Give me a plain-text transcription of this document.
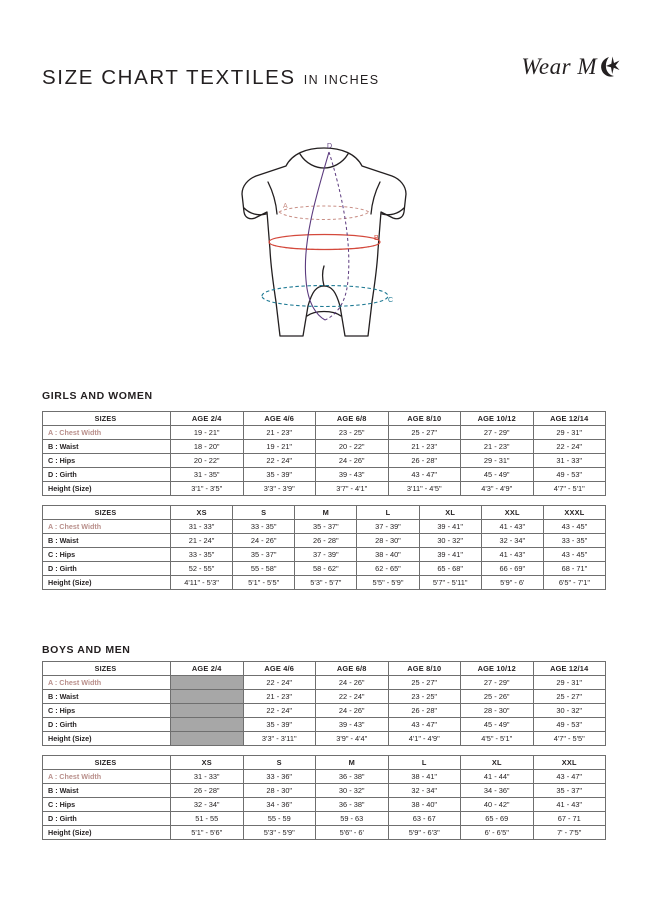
SIZE CHART TEXTILES IN INCHES
Wear M
A
B
C
D
GIRLS AND WOMEN
SIZES	AGE 2/4	AGE 4/6	AGE 6/8	AGE 8/10	AGE 10/12	AGE 12/14
A : Chest Width	19 - 21"	21 - 23"	23 - 25"	25 - 27"	27 - 29"	29 - 31"
B : Waist	18 - 20"	19 - 21"	20 - 22"	21 - 23"	21 - 23"	22 - 24"
C : Hips	20 - 22"	22 - 24"	24 - 26"	26 - 28"	29 - 31"	31 - 33"
D : Girth	31 - 35"	35 - 39"	39 - 43"	43 - 47"	45 - 49"	49 - 53"
Height (Size)	3'1" - 3'5"	3'3" - 3'9"	3'7" - 4'1"	3'11" - 4'5"	4'3" - 4'9"	4'7" - 5'1"
SIZES	XS	S	M	L	XL	XXL	XXXL
A : Chest Width	31 - 33"	33 - 35"	35 - 37"	37 - 39"	39 - 41"	41 - 43"	43 - 45"
B : Waist	21 - 24"	24 - 26"	26 - 28"	28 - 30"	30 - 32"	32 - 34"	33 - 35"
C : Hips	33 - 35"	35 - 37"	37 - 39"	38 - 40"	39 - 41"	41 - 43"	43 - 45"
D : Girth	52 - 55"	55 - 58"	58 - 62"	62 - 65"	65 - 68"	66 - 69"	68 - 71"
Height (Size)	4'11" - 5'3"	5'1" - 5'5"	5'3" - 5'7"	5'5" - 5'9"	5'7" - 5'11"	5'9" - 6'	6'5" - 7'1"
BOYS AND MEN
SIZES	AGE 2/4	AGE 4/6	AGE 6/8	AGE 8/10	AGE 10/12	AGE 12/14
A : Chest Width		22 - 24"	24 - 26"	25 - 27"	27 - 29"	29 - 31"
B : Waist		21 - 23"	22 - 24"	23 - 25"	25 - 26"	25 - 27"
C : Hips		22 - 24"	24 - 26"	26 - 28"	28 - 30"	30 - 32"
D : Girth		35 - 39"	39 - 43"	43 - 47"	45 - 49"	49 - 53"
Height (Size)		3'3" - 3'11"	3'9" - 4'4"	4'1" - 4'9"	4'5" - 5'1"	4'7" - 5'5"
SIZES	XS	S	M	L	XL	XXL
A : Chest Width	31 - 33"	33 - 36"	36 - 38"	38 - 41"	41 - 44"	43 - 47"
B : Waist	26 - 28"	28 - 30"	30 - 32"	32 - 34"	34 - 36"	35 - 37"
C : Hips	32 - 34"	34 - 36"	36 - 38"	38 - 40"	40 - 42"	41 - 43"
D : Girth	51 - 55	55 - 59	59 - 63	63 - 67	65 - 69	67 - 71
Height (Size)	5'1" - 5'6"	5'3" - 5'9"	5'6" - 6'	5'9" - 6'3"	6' - 6'5"	7' - 7'5"
